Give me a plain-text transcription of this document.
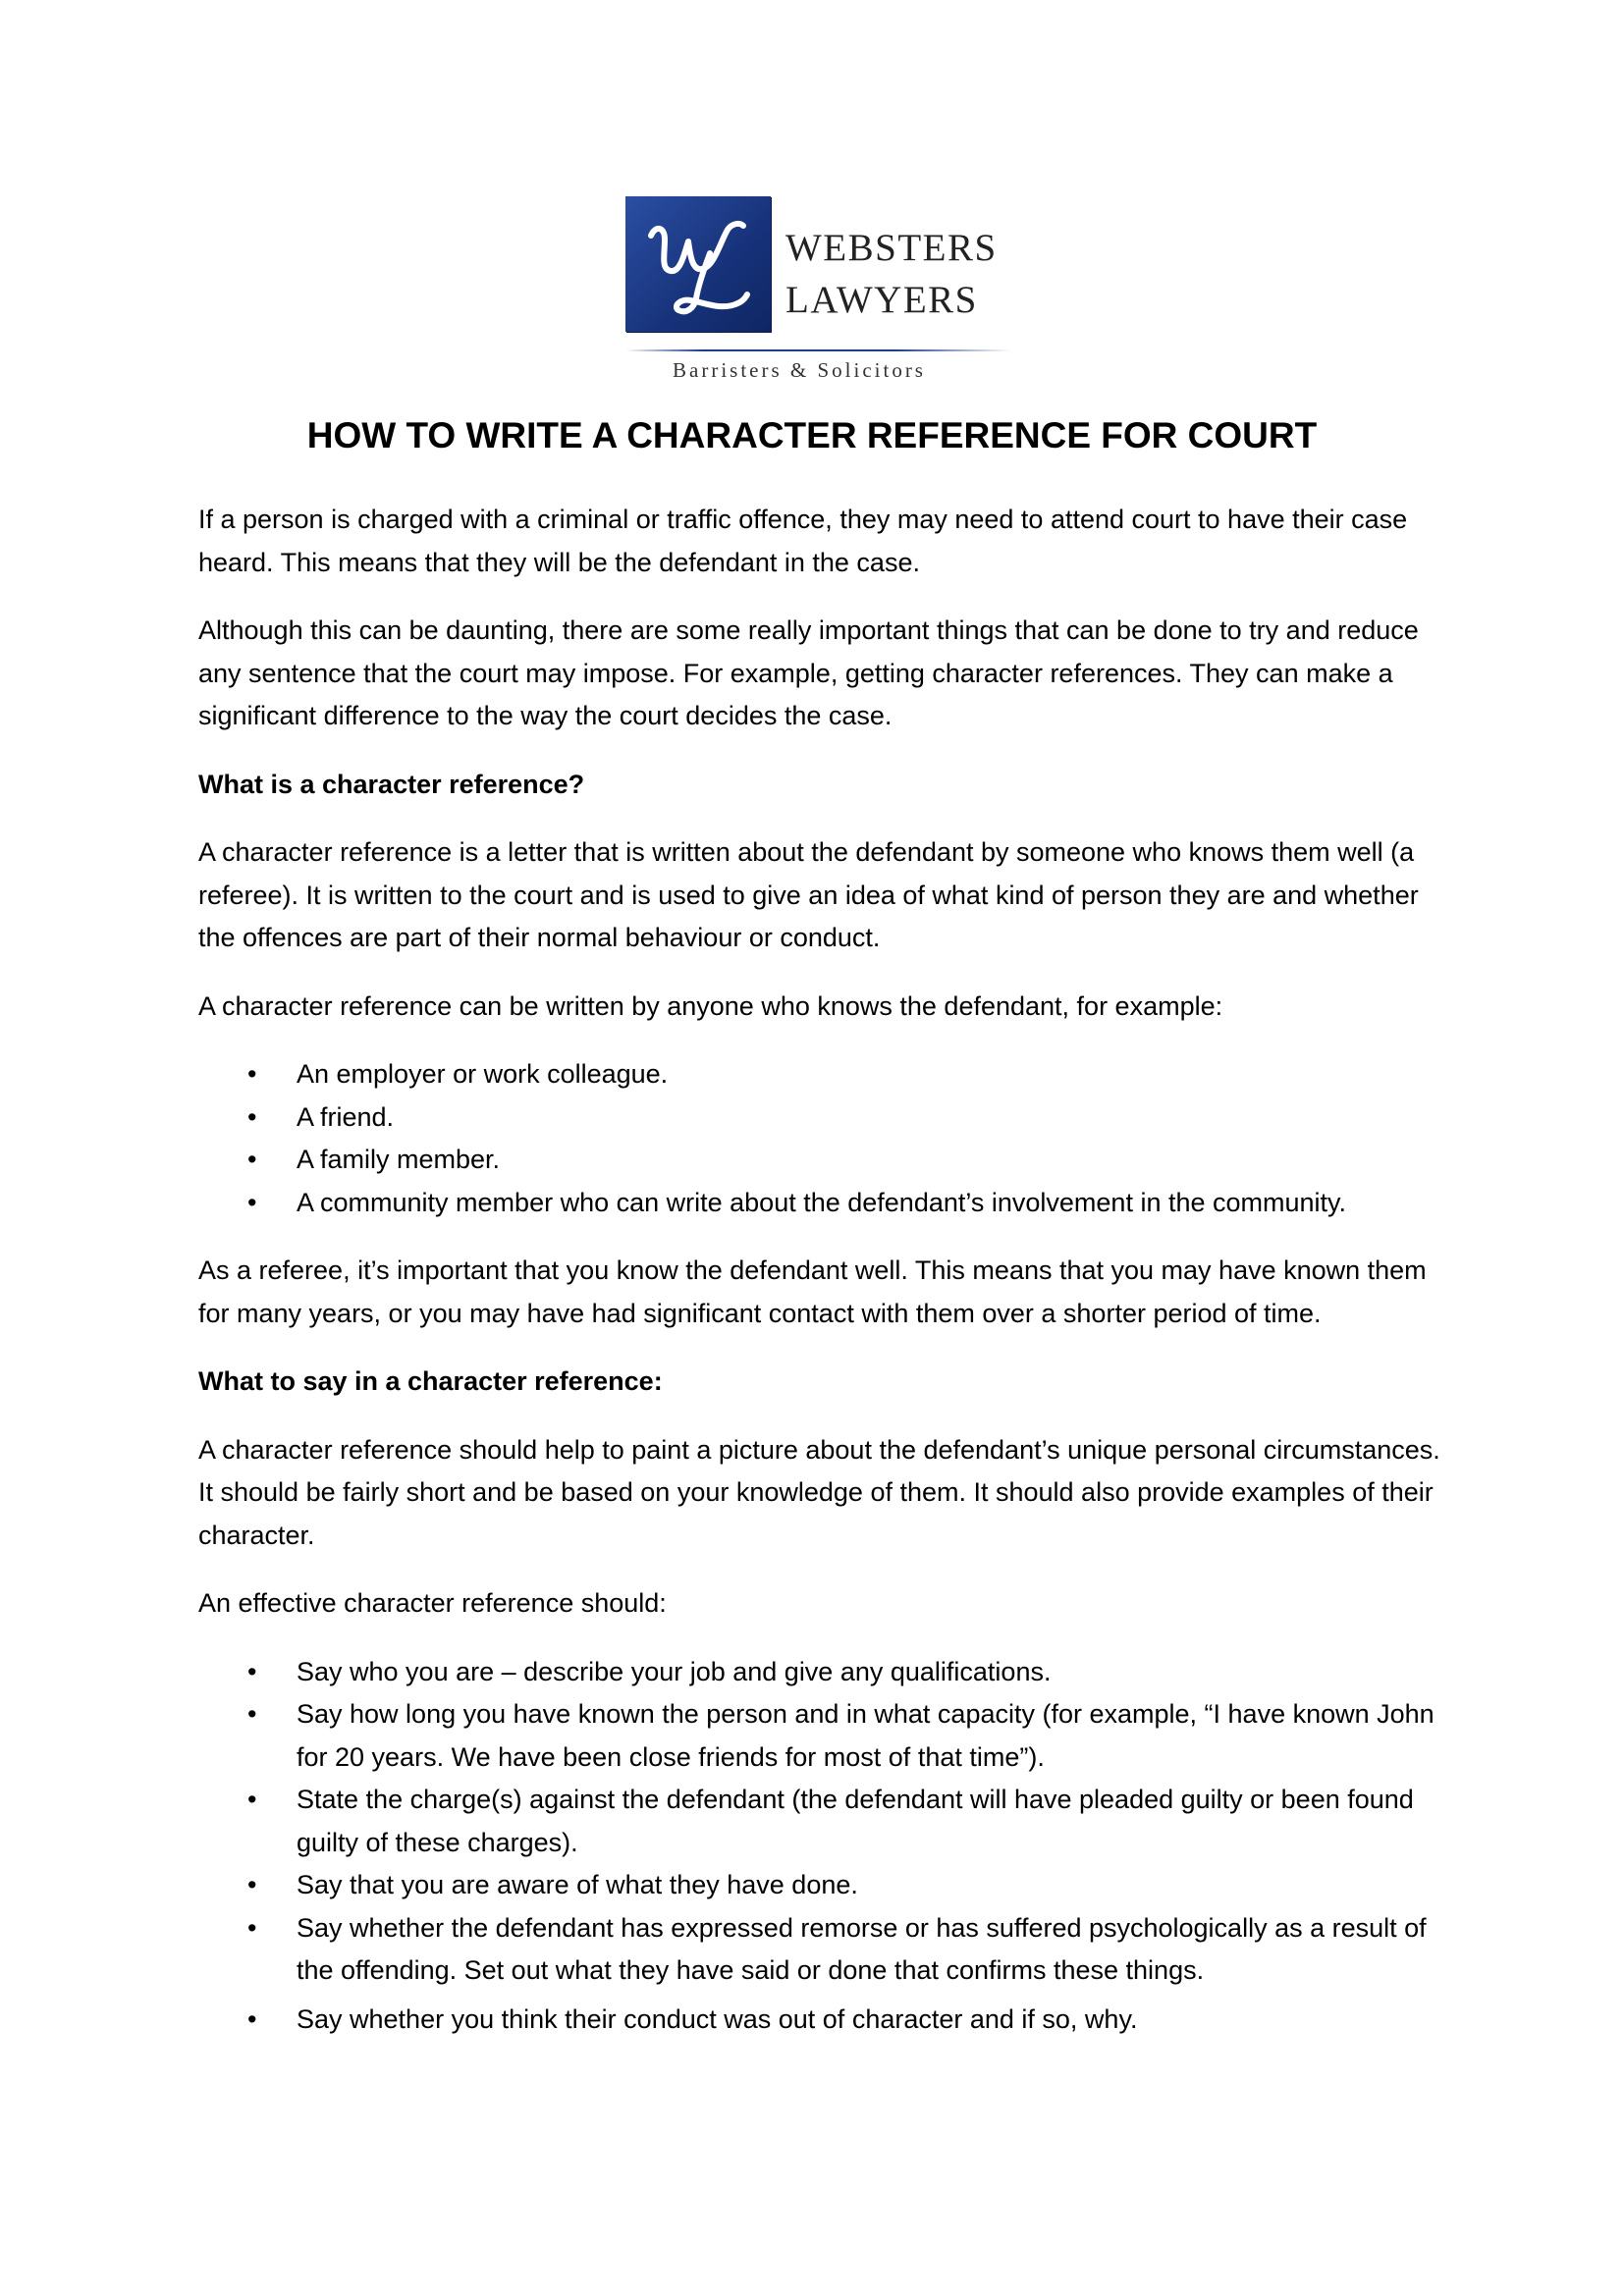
WL
WEBSTERS
LAWYERS
Barristers & Solicitors
HOW TO WRITE A CHARACTER REFERENCE FOR COURT

If a person is charged with a criminal or traffic offence, they may need to attend court to have their case heard. This means that they will be the defendant in the case.

Although this can be daunting, there are some really important things that can be done to try and reduce any sentence that the court may impose. For example, getting character references. They can make a significant difference to the way the court decides the case.

What is a character reference?

A character reference is a letter that is written about the defendant by someone who knows them well (a referee). It is written to the court and is used to give an idea of what kind of person they are and whether the offences are part of their normal behaviour or conduct.

A character reference can be written by anyone who knows the defendant, for example:

• An employer or work colleague.
• A friend.
• A family member.
• A community member who can write about the defendant’s involvement in the community.

As a referee, it’s important that you know the defendant well. This means that you may have known them for many years, or you may have had significant contact with them over a shorter period of time.

What to say in a character reference:

A character reference should help to paint a picture about the defendant’s unique personal circumstances. It should be fairly short and be based on your knowledge of them. It should also provide examples of their character.

An effective character reference should:

• Say who you are – describe your job and give any qualifications.
• Say how long you have known the person and in what capacity (for example, “I have known John for 20 years. We have been close friends for most of that time”).
• State the charge(s) against the defendant (the defendant will have pleaded guilty or been found guilty of these charges).
• Say that you are aware of what they have done.
• Say whether the defendant has expressed remorse or has suffered psychologically as a result of the offending. Set out what they have said or done that confirms these things.
• Say whether you think their conduct was out of character and if so, why.
